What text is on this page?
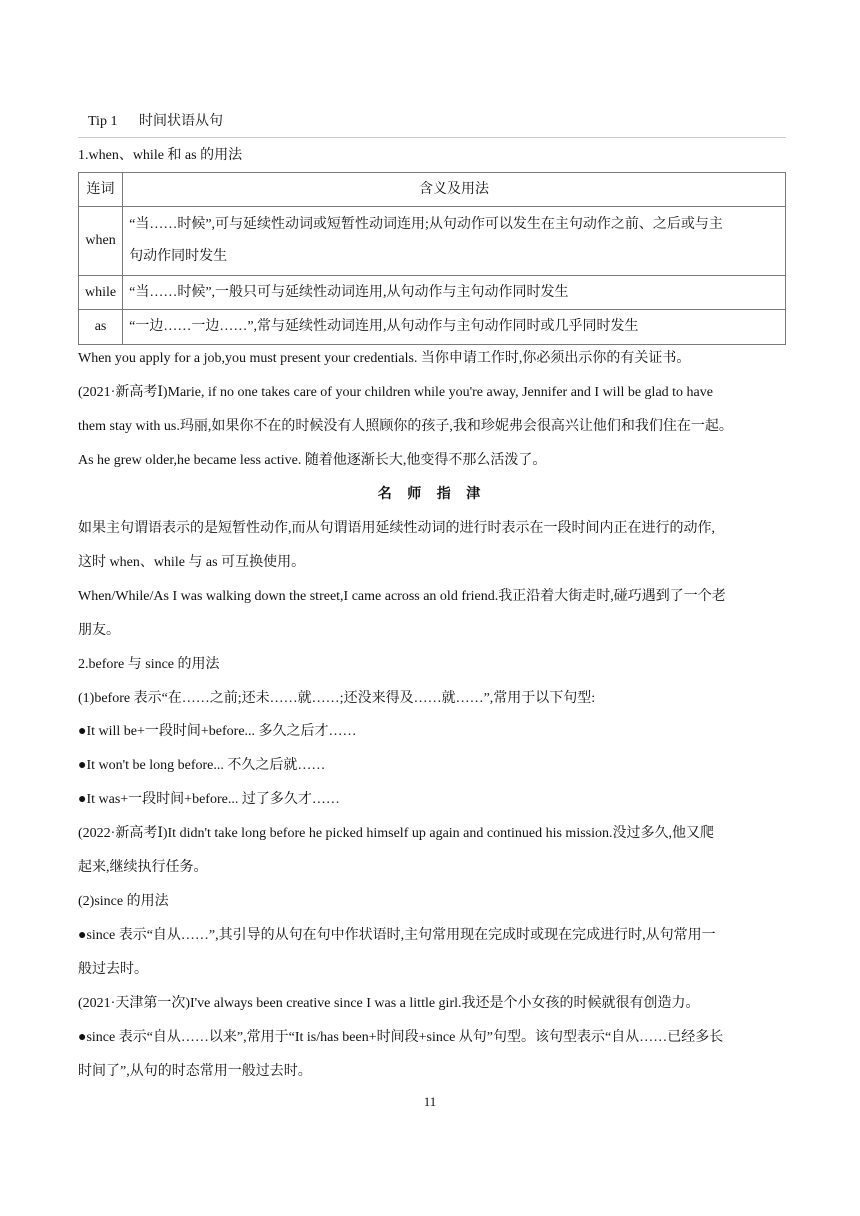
Tip 1 时间状语从句
1.when、while 和 as 的用法
连词	含义及用法
when	“当……时候”,可与延续性动词或短暂性动词连用;从句动作可以发生在主句动作之前、之后或与主
句动作同时发生

while	“当……时候”,一般只可与延续性动词连用,从句动作与主句动作同时发生
as	“一边……一边……”,常与延续性动词连用,从句动作与主句动作同时或几乎同时发生
When you apply for a job,you must present your credentials. 当你申请工作时,你必须出示你的有关证书。
(2021·新高考Ⅰ)Marie, if no one takes care of your children while you're away, Jennifer and I will be glad to have
them stay with us.玛丽,如果你不在的时候没有人照顾你的孩子,我和珍妮弗会很高兴让他们和我们住在一起。
As he grew older,he became less active. 随着他逐渐长大,他变得不那么活泼了。
名 师 指 津
如果主句谓语表示的是短暂性动作,而从句谓语用延续性动词的进行时表示在一段时间内正在进行的动作,
这时 when、while 与 as 可互换使用。
When/While/As I was walking down the street,I came across an old friend.我正沿着大街走时,碰巧遇到了一个老
朋友。
2.before 与 since 的用法
(1)before 表示“在……之前;还未……就……;还没来得及……就……”,常用于以下句型:
●It will be+一段时间+before... 多久之后才……
●It won't be long before... 不久之后就……
●It was+一段时间+before... 过了多久才……
(2022·新高考Ⅰ)It didn't take long before he picked himself up again and continued his mission.没过多久,他又爬
起来,继续执行任务。
(2)since 的用法
●since 表示“自从……”,其引导的从句在句中作状语时,主句常用现在完成时或现在完成进行时,从句常用一
般过去时。
(2021·天津第一次)I've always been creative since I was a little girl.我还是个小女孩的时候就很有创造力。
●since 表示“自从……以来”,常用于“It is/has been+时间段+since 从句”句型。该句型表示“自从……已经多长
时间了”,从句的时态常用一般过去时。
11
